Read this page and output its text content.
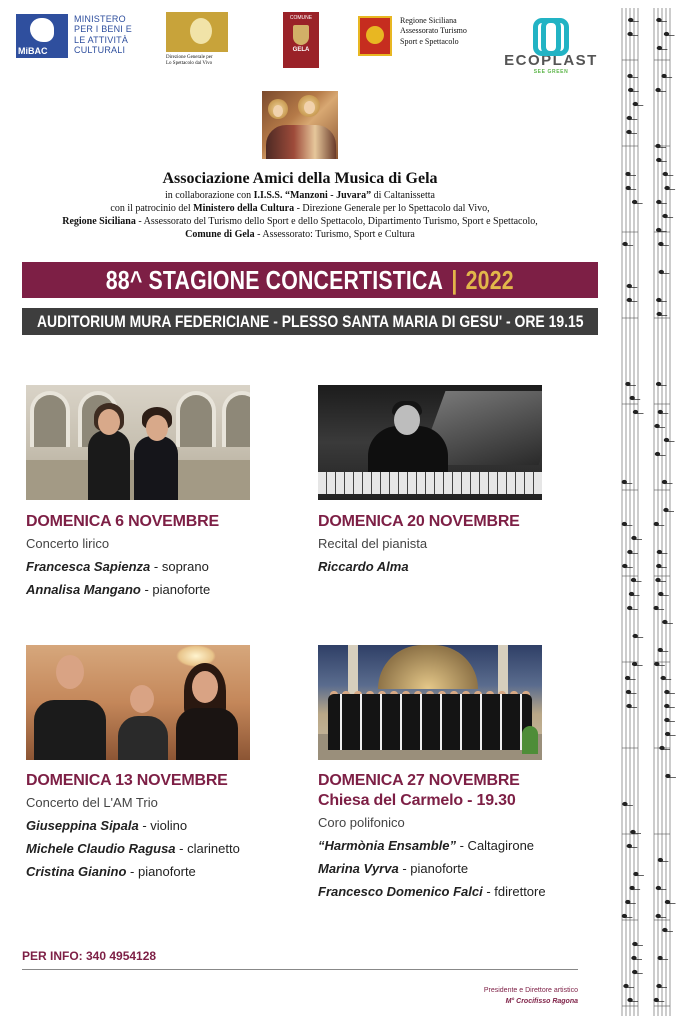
MiBAC
MINISTERO
PER I BENI E
LE ATTIVITÀ
CULTURALI
MiBAC
Direzione Generale per
Lo Spettacolo dal Vivo
COMUNE
GELA
Regione Siciliana
Assessorato Turismo
Sport e Spettacolo
ECOPLAST
SEE GREEN
Associazione Amici della Musica di Gela
in collaborazione con I.I.S.S. “Manzoni - Juvara” di Caltanissetta
con il patrocinio del Ministero della Cultura - Direzione Generale per lo Spettacolo dal Vivo,
Regione Siciliana - Assessorato del Turismo dello Sport e dello Spettacolo, Dipartimento Turismo, Sport e Spettacolo,
Comune di Gela - Assessorato: Turismo, Sport e Cultura
88^ STAGIONE CONCERTISTICA | 2022
AUDITORIUM MURA FEDERICIANE - PLESSO SANTA MARIA DI GESU' - ORE 19.15
DOMENICA 6 NOVEMBRE
Concerto lirico
Francesca Sapienza - soprano
Annalisa Mangano - pianoforte
DOMENICA 20 NOVEMBRE
Recital del pianista
Riccardo Alma
DOMENICA 13 NOVEMBRE
Concerto del L'AM Trio
Giuseppina Sipala - violino
Michele Claudio Ragusa - clarinetto
Cristina Gianino - pianoforte
DOMENICA 27 NOVEMBRE
Chiesa del Carmelo - 19.30
Coro polifonico
“Harmònia Ensamble” - Caltagirone
Marina Vyrva - pianoforte
Francesco Domenico Falci - fdirettore
PER INFO: 340 4954128
Presidente e Direttore artistico
M° Crocifisso Ragona
